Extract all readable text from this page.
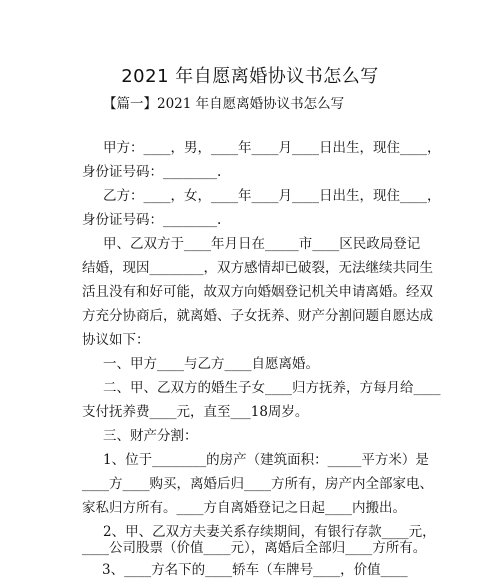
2021 年自愿离婚协议书怎么写
【篇一】2021 年自愿离婚协议书怎么写
甲方：____，男，____年____月____日出生，现住____，
身份证号码：________.
乙方：____，女，____年____月____日出生，现住____，
身份证号码：________.
甲、乙双方于____年月日在_____市____区民政局登记
结婚，现因________，双方感情却已破裂，无法继续共同生
活且没有和好可能，故双方向婚姻登记机关申请离婚。经双
方充分协商后，就离婚、子女抚养、财产分割问题自愿达成
协议如下：
一、甲方____与乙方____自愿离婚。
二、甲、乙双方的婚生子女____归方抚养，方每月给____
支付抚养费____元，直至___18周岁。
三、财产分割：
1、位于________的房产（建筑面积：_____平方米）是
____方____购买，离婚后归____方所有，房产内全部家电、
家私归方所有。____方自离婚登记之日起____内搬出。
2、甲、乙双方夫妻关系存续期间，有银行存款____元，
____公司股票（价值____元），离婚后全部归____方所有。
3、____方名下的____轿车（车牌号____，价值____
